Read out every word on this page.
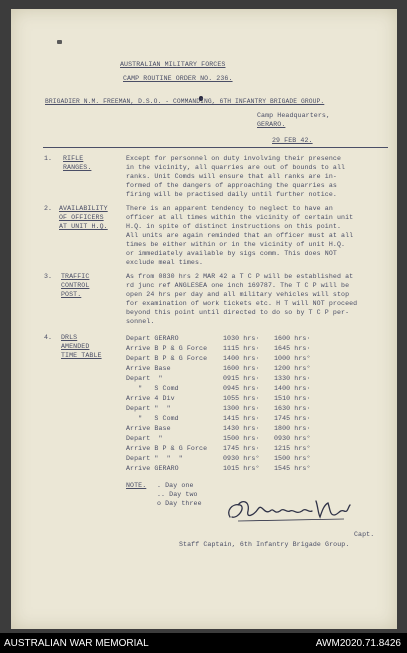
AUSTRALIAN MILITARY FORCES
CAMP ROUTINE ORDER NO. 236.
BRIGADIER N.M. FREEMAN, D.S.O. - COMMANDING, 6TH INFANTRY BRIGADE GROUP.
Camp Headquarters,
GERARO.
29 FEB 42.
1. RIFLE
RANGES.
Except for personnel on duty involving their presence
in the vicinity, all quarries are out of bounds to all
ranks. Unit Comds will ensure that all ranks are in-
formed of the dangers of approaching the quarries as
firing will be practised daily until further notice.
2. AVAILABILITY
OF OFFICERS
AT UNIT H.Q.
There is an apparent tendency to neglect to have an
officer at all times within the vicinity of certain unit
H.Q. in spite of distinct instructions on this point.
All units are again reminded that an officer must at all
times be either within or in the vicinity of unit H.Q.
or immediately available by sigs comm. This does NOT
exclude meal times.
3. TRAFFIC
CONTROL
POST.
As from 0830 hrs 2 MAR 42 a T C P will be established at
rd junc ref ANGLESEA one inch 169787. The T C P will be
open 24 hrs per day and all military vehicles will stop
for examination of work tickets etc. H T will NOT proceed
beyond this point until directed to do so by T C P per-
sonnel.
4. DRLS
AMENDED
TIME TABLE
Depart GERARO	1030 hrs· 1600 hrs·
Arrive B P & G Force 1115 hrs· 1645 hrs·
Depart B P & G Force 1400 hrs· 1000 hrs°
Arrive Base	1600 hrs· 1200 hrs°
Depart  "	0915 hrs· 1330 hrs·
"   S Comd	0945 hrs· 1400 hrs·
Arrive 4 Div	1055 hrs· 1510 hrs·
Depart "  "	1300 hrs· 1630 hrs·
"   S Comd	1415 hrs· 1745 hrs·
Arrive Base	1430 hrs· 1800 hrs·
Depart  "	1500 hrs· 0930 hrs°
Arrive B P & G Force 1745 hrs· 1215 hrs°
Depart "  "  "	0930 hrs° 1500 hrs°
Arrive GERARO	1015 hrs° 1545 hrs°
NOTE. . Day one
.. Day two
o Day three
Capt.
Staff Captain, 6th Infantry Brigade Group.
AUSTRALIAN WAR MEMORIAL	AWM2020.71.8426
